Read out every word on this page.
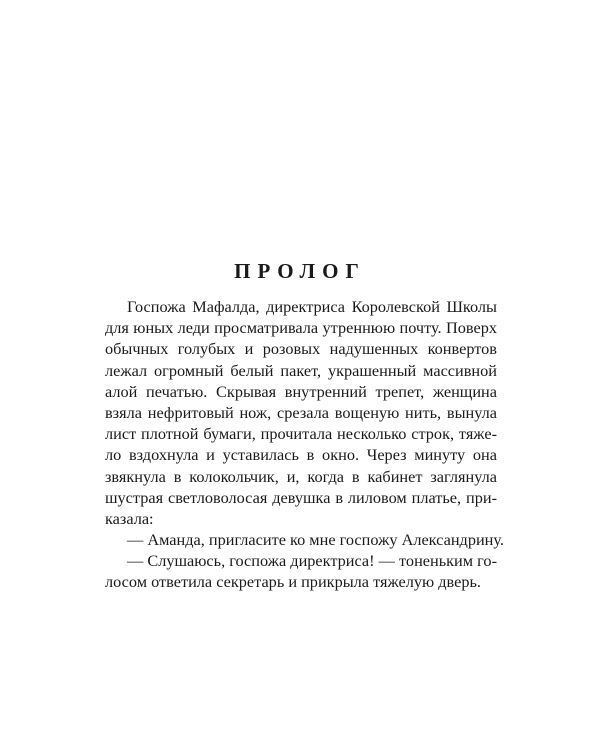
ПРОЛОГ
Госпожа Мафалда, директриса Королевской Школы
для юных леди просматривала утреннюю почту. Поверх
обычных голубых и розовых надушенных конвертов
лежал огромный белый пакет, украшенный массивной
алой печатью. Скрывая внутренний трепет, женщина
взяла нефритовый нож, срезала вощеную нить, вынула
лист плотной бумаги, прочитала несколько строк, тяже-
ло вздохнула и уставилась в окно. Через минуту она
звякнула в колокольчик, и, когда в кабинет заглянула
шустрая светловолосая девушка в лиловом платье, при-
казала:
— Аманда, пригласите ко мне госпожу Александрину.
— Слушаюсь, госпожа директриса! — тоненьким го-
лосом ответила секретарь и прикрыла тяжелую дверь.
